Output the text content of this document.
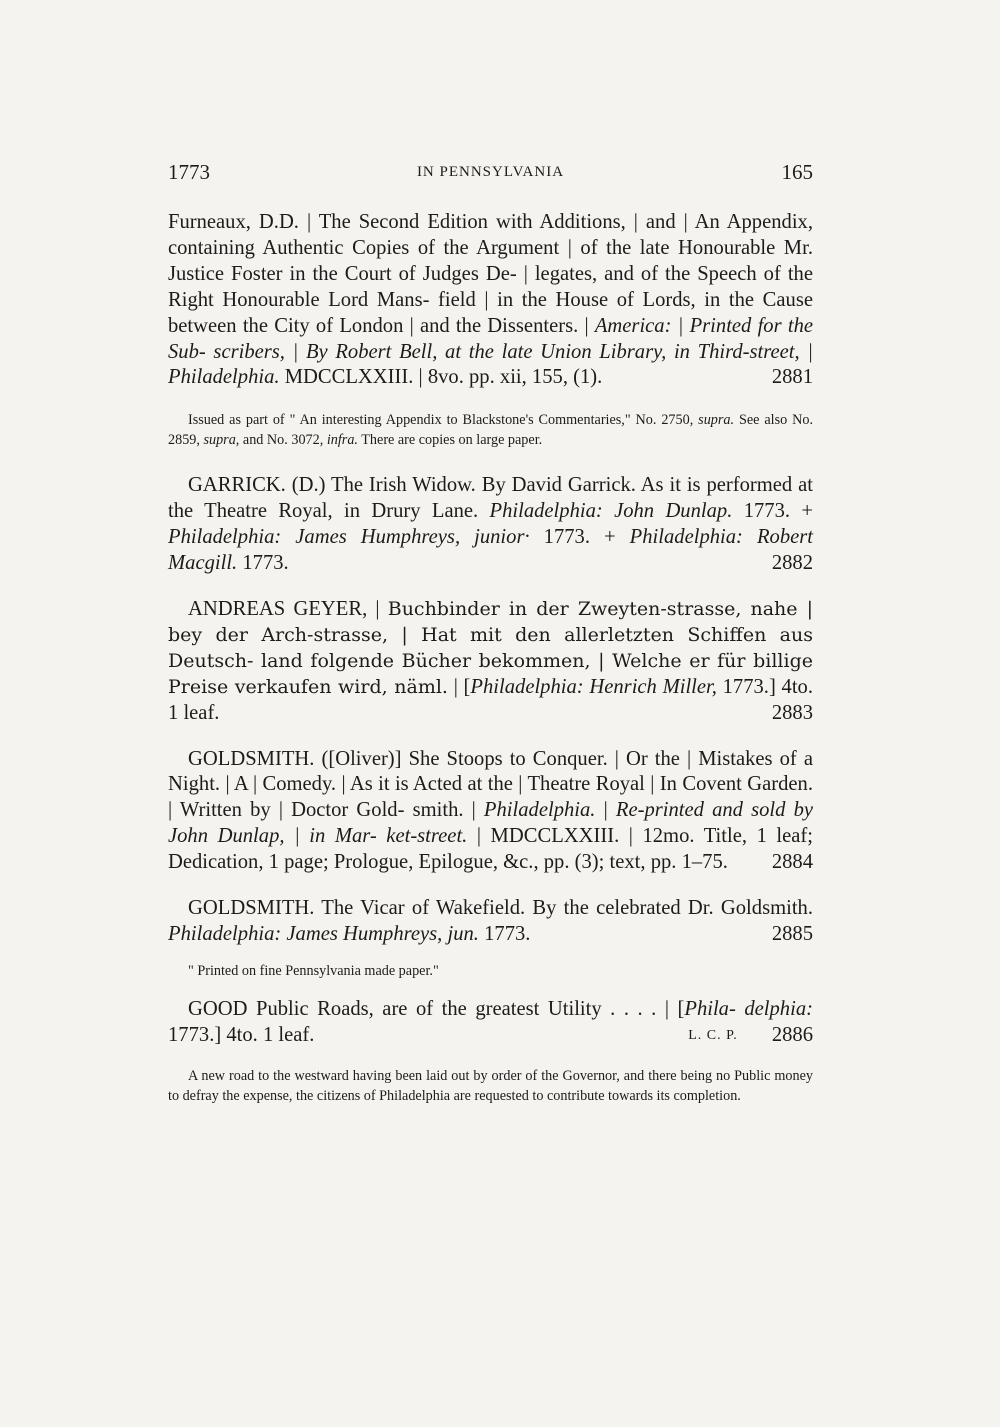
1773	IN PENNSYLVANIA	165

Furneaux, D.D. | The Second Edition with Additions, | and | An Appendix, containing Authentic Copies of the Argument | of the late Honourable Mr. Justice Foster in the Court of Judges De- | legates, and of the Speech of the Right Honourable Lord Mans- field | in the House of Lords, in the Cause between the City of London | and the Dissenters. | America: | Printed for the Sub- scribers, | By Robert Bell, at the late Union Library, in Third-street, | Philadelphia. MDCCLXXIII. | 8vo. pp. xii, 155, (1).	2881

Issued as part of " An interesting Appendix to Blackstone's Commentaries," No. 2750, supra. See also No. 2859, supra, and No. 3072, infra. There are copies on large paper.

GARRICK. (D.) The Irish Widow. By David Garrick. As it is performed at the Theatre Royal, in Drury Lane. Philadelphia: John Dunlap. 1773. + Philadelphia: James Humphreys, junior· 1773. + Philadelphia: Robert Macgill. 1773.	2882

ANDREAS GEYER, | Buchbinder in der Zweyten-strasse, nahe | bey der Arch-strasse, | Hat mit den allerletzten Schiffen aus Deutsch- land folgende Bücher bekommen, | Welche er für billige Preise verkaufen wird, näml. | [Philadelphia: Henrich Miller, 1773.] 4to. 1 leaf.	2883

GOLDSMITH. ([Oliver)] She Stoops to Conquer. | Or the | Mistakes of a Night. | A | Comedy. | As it is Acted at the | Theatre Royal | In Covent Garden. | Written by | Doctor Gold- smith. | Philadelphia. | Re-printed and sold by John Dunlap, | in Mar- ket-street. | MDCCLXXIII. | 12mo. Title, 1 leaf; Dedication, 1 page; Prologue, Epilogue, &c., pp. (3); text, pp. 1–75.	2884

GOLDSMITH. The Vicar of Wakefield. By the celebrated Dr. Goldsmith. Philadelphia: James Humphreys, jun. 1773.	2885

" Printed on fine Pennsylvania made paper."

GOOD Public Roads, are of the greatest Utility . . . . | [Phila- delphia: 1773.] 4to. 1 leaf.	2886
L. C. P.

A new road to the westward having been laid out by order of the Governor, and there being no Public money to defray the expense, the citizens of Philadelphia are requested to contribute towards its completion.
